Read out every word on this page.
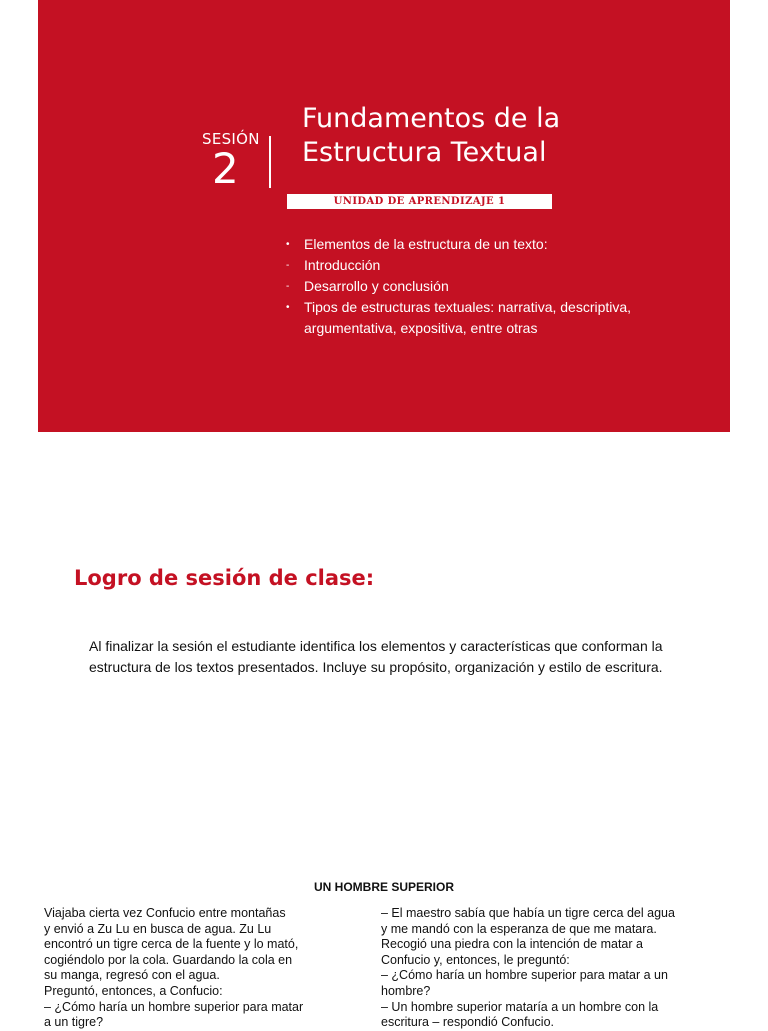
SESIÓN
2
Fundamentos de la
Estructura Textual
UNIDAD DE APRENDIZAJE 1
• Elementos de la estructura de un texto:
- Introducción
- Desarrollo y conclusión
• Tipos de estructuras textuales: narrativa, descriptiva, argumentativa, expositiva, entre otras
Logro de sesión de clase:

Al finalizar la sesión el estudiante identifica los elementos y características que conforman la estructura de los textos presentados. Incluye su propósito, organización y estilo de escritura.

UN HOMBRE SUPERIOR
Viajaba cierta vez Confucio entre montañas
y envió a Zu Lu en busca de agua. Zu Lu
encontró un tigre cerca de la fuente y lo mató,
cogiéndolo por la cola. Guardando la cola en
su manga, regresó con el agua.
Preguntó, entonces, a Confucio:
– ¿Cómo haría un hombre superior para matar
a un tigre?
– El maestro sabía que había un tigre cerca del agua
y me mandó con la esperanza de que me matara.
Recogió una piedra con la intención de matar a
Confucio y, entonces, le preguntó:
– ¿Cómo haría un hombre superior para matar a un
hombre?
– Un hombre superior mataría a un hombre con la
escritura – respondió Confucio.
